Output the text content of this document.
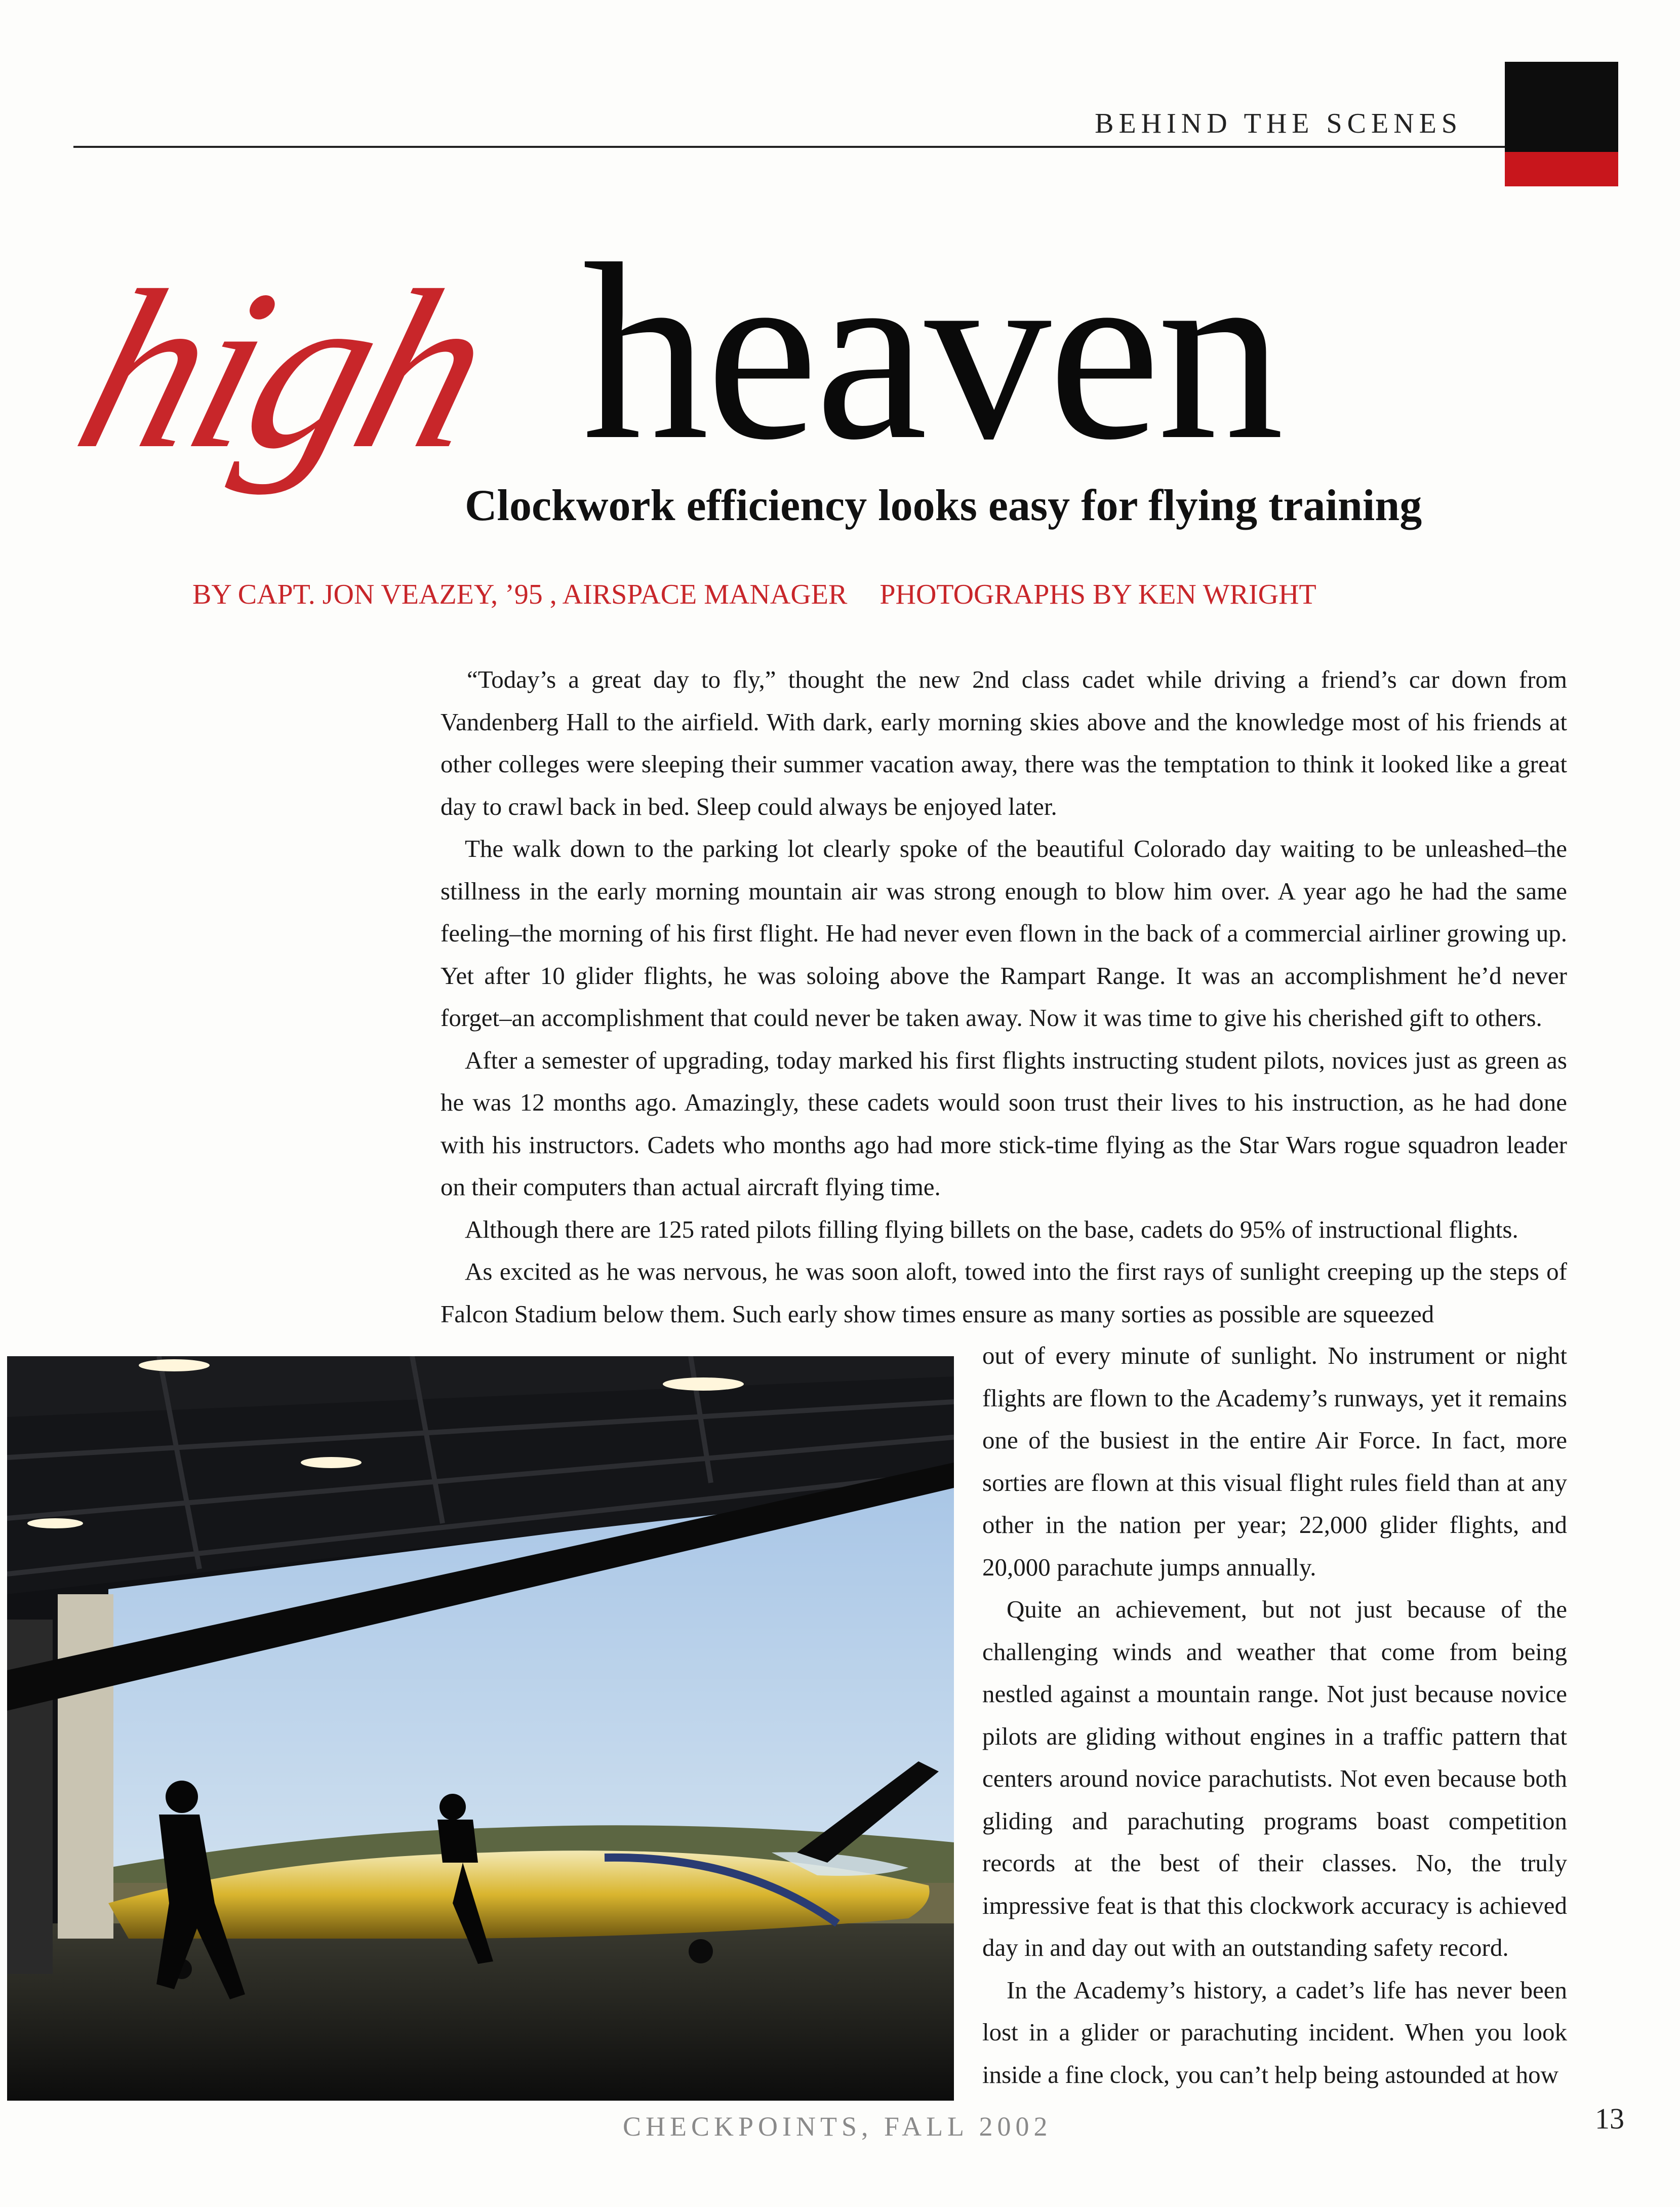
BEHIND THE SCENES
high heaven
Clockwork efficiency looks easy for flying training
BY CAPT. JON VEAZEY, ’95 , AIRSPACE MANAGER PHOTOGRAPHS BY KEN WRIGHT

“Today’s a great day to fly,” thought the new 2nd class cadet while driving a friend’s car down from Vandenberg Hall to the airfield. With dark, early morning skies above and the knowledge most of his friends at other colleges were sleeping their summer vacation away, there was the temptation to think it looked like a great day to crawl back in bed. Sleep could always be enjoyed later.

The walk down to the parking lot clearly spoke of the beautiful Colorado day waiting to be unleashed–the stillness in the early morning mountain air was strong enough to blow him over. A year ago he had the same feeling–the morning of his first flight. He had never even flown in the back of a commercial airliner growing up. Yet after 10 glider flights, he was soloing above the Rampart Range. It was an accomplishment he’d never forget–an accomplishment that could never be taken away. Now it was time to give his cherished gift to others.

After a semester of upgrading, today marked his first flights instructing student pilots, novices just as green as he was 12 months ago. Amazingly, these cadets would soon trust their lives to his instruction, as he had done with his instructors. Cadets who months ago had more stick-time flying as the Star Wars rogue squadron leader on their computers than actual aircraft flying time.

Although there are 125 rated pilots filling flying billets on the base, cadets do 95% of instructional flights.

As excited as he was nervous, he was soon aloft, towed into the first rays of sunlight creeping up the steps of Falcon Stadium below them. Such early show times ensure as many sorties as possible are squeezed

out of every minute of sunlight. No instrument or night flights are flown to the Academy’s runways, yet it remains one of the busiest in the entire Air Force. In fact, more sorties are flown at this visual flight rules field than at any other in the nation per year; 22,000 glider flights, and 20,000 parachute jumps annually.

Quite an achievement, but not just because of the challenging winds and weather that come from being nestled against a mountain range. Not just because novice pilots are gliding without engines in a traffic pattern that centers around novice parachutists. Not even because both gliding and parachuting programs boast competition records at the best of their classes. No, the truly impressive feat is that this clockwork accuracy is achieved day in and day out with an outstanding safety record.

In the Academy’s history, a cadet’s life has never been lost in a glider or parachuting incident. When you look inside a fine clock, you can’t help being astounded at how

CHECKPOINTS, FALL 2002	13
